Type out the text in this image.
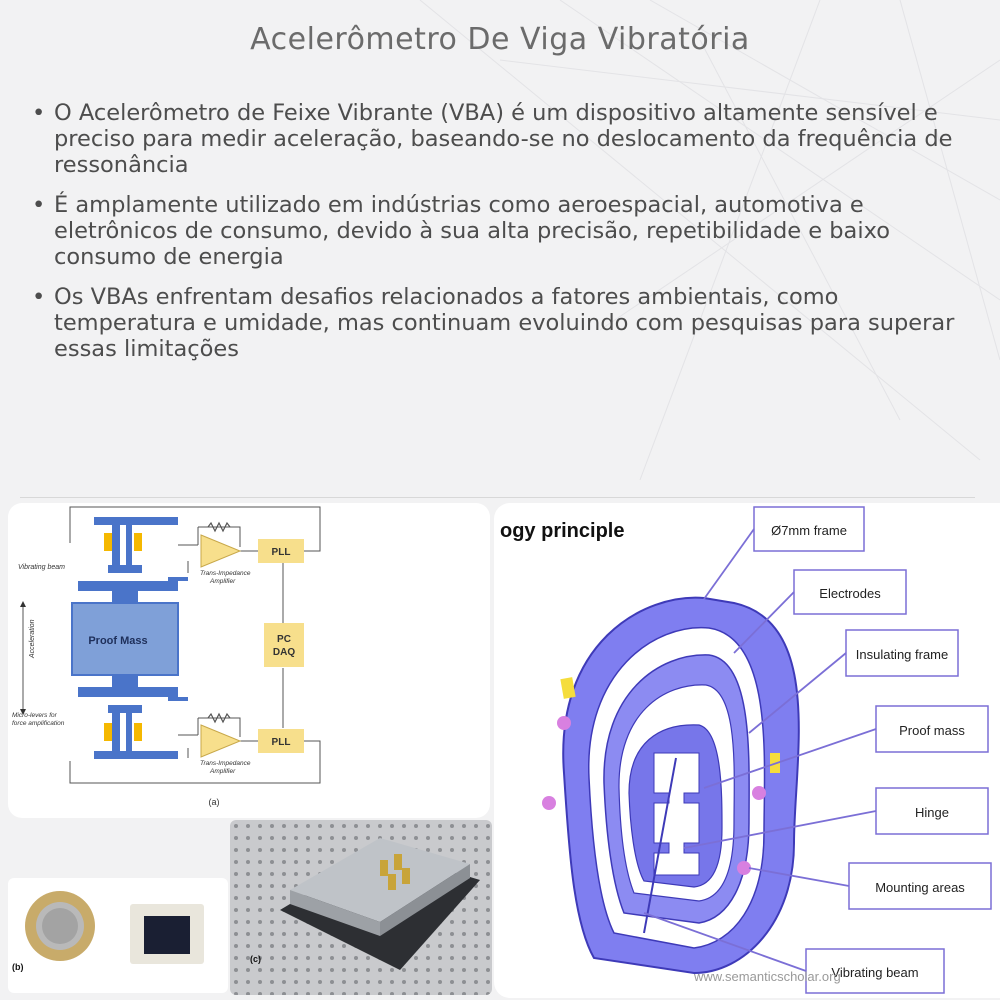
Acelerômetro De Viga Vibratória
• O Acelerômetro de Feixe Vibrante (VBA) é um dispositivo altamente sensível e preciso para medir aceleração, baseando-se no deslocamento da frequência de ressonância
• É amplamente utilizado em indústrias como aeroespacial, automotiva e eletrônicos de consumo, devido à sua alta precisão, repetibilidade e baixo consumo de energia
• Os VBAs enfrentam desafios relacionados a fatores ambientais, como temperatura e umidade, mas continuam evoluindo com pesquisas para superar essas limitações
Proof Mass
PLL
PLL
PC
DAQ
Vibrating beam
Micro-levers for
force amplification
Trans-Impedance
Amplifier
Trans-Impedance
Amplifier
Acceleration
(a)
(b)
(c)
ogy principle	Ø7mm frame
Electrodes
Insulating frame
Proof mass
Hinge
Mounting areas
Vibrating beam
www.semanticscholar.org
